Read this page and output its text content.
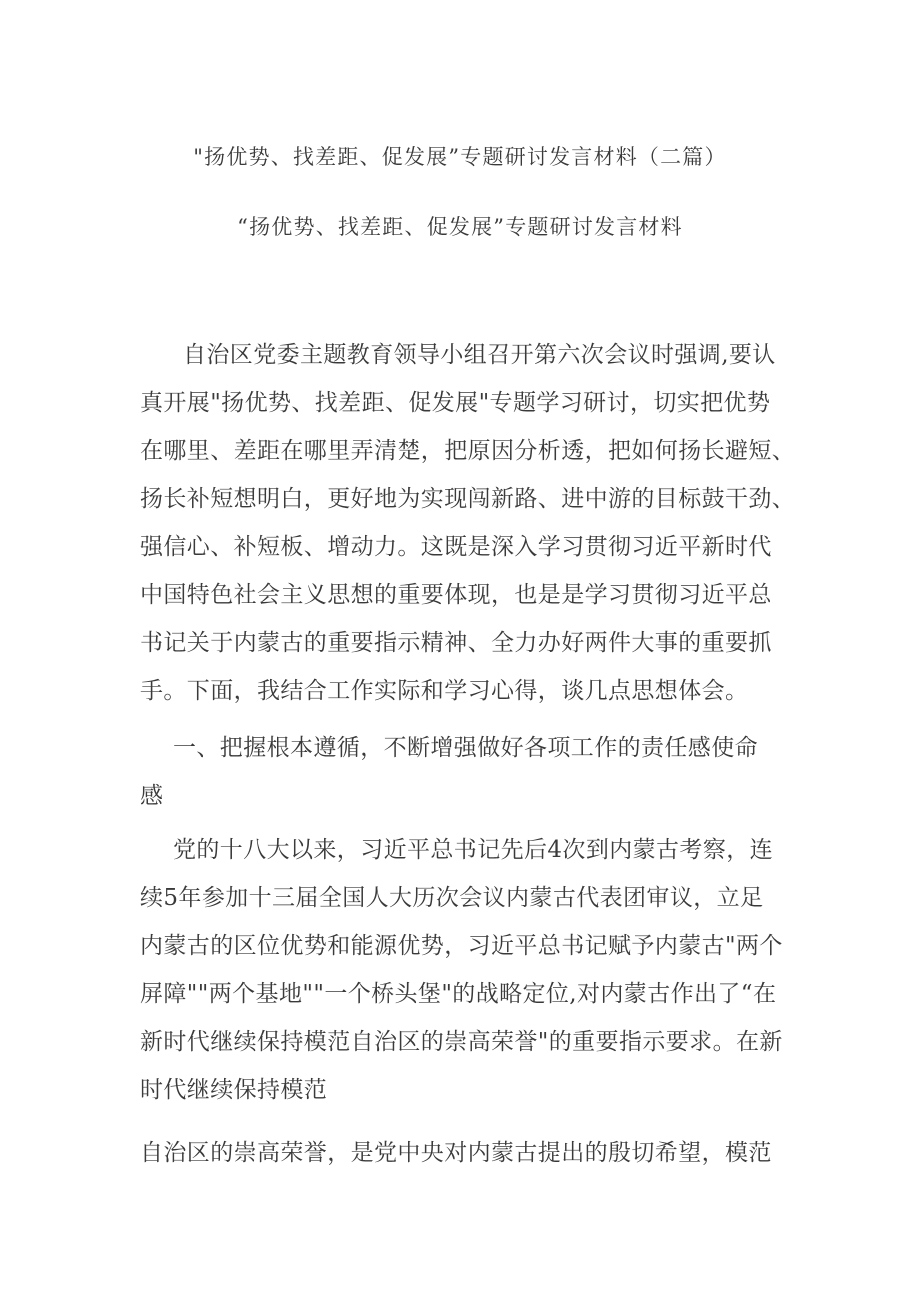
"扬优势、找差距、促发展”专题研讨发言材料（二篇）
“扬优势、找差距、促发展”专题研讨发言材料
自治区党委主题教育领导小组召开第六次会议时强调,要认
真开展"扬优势、找差距、促发展"专题学习研讨，切实把优势
在哪里、差距在哪里弄清楚，把原因分析透，把如何扬长避短、
扬长补短想明白，更好地为实现闯新路、进中游的目标鼓干劲、
强信心、补短板、增动力。这既是深入学习贯彻习近平新时代
中国特色社会主义思想的重要体现，也是是学习贯彻习近平总
书记关于内蒙古的重要指示精神、全力办好两件大事的重要抓
手。下面，我结合工作实际和学习心得，谈几点思想体会。
一、把握根本遵循，不断增强做好各项工作的责任感使命
感
党的十八大以来，习近平总书记先后4次到内蒙古考察，连
续5年参加十三届全国人大历次会议内蒙古代表团审议，立足
内蒙古的区位优势和能源优势，习近平总书记赋予内蒙古"两个
屏障""两个基地""一个桥头堡"的战略定位,对内蒙古作出了“在
新时代继续保持模范自治区的崇高荣誉"的重要指示要求。在新
时代继续保持模范
自治区的崇高荣誉，是党中央对内蒙古提出的殷切希望，模范
